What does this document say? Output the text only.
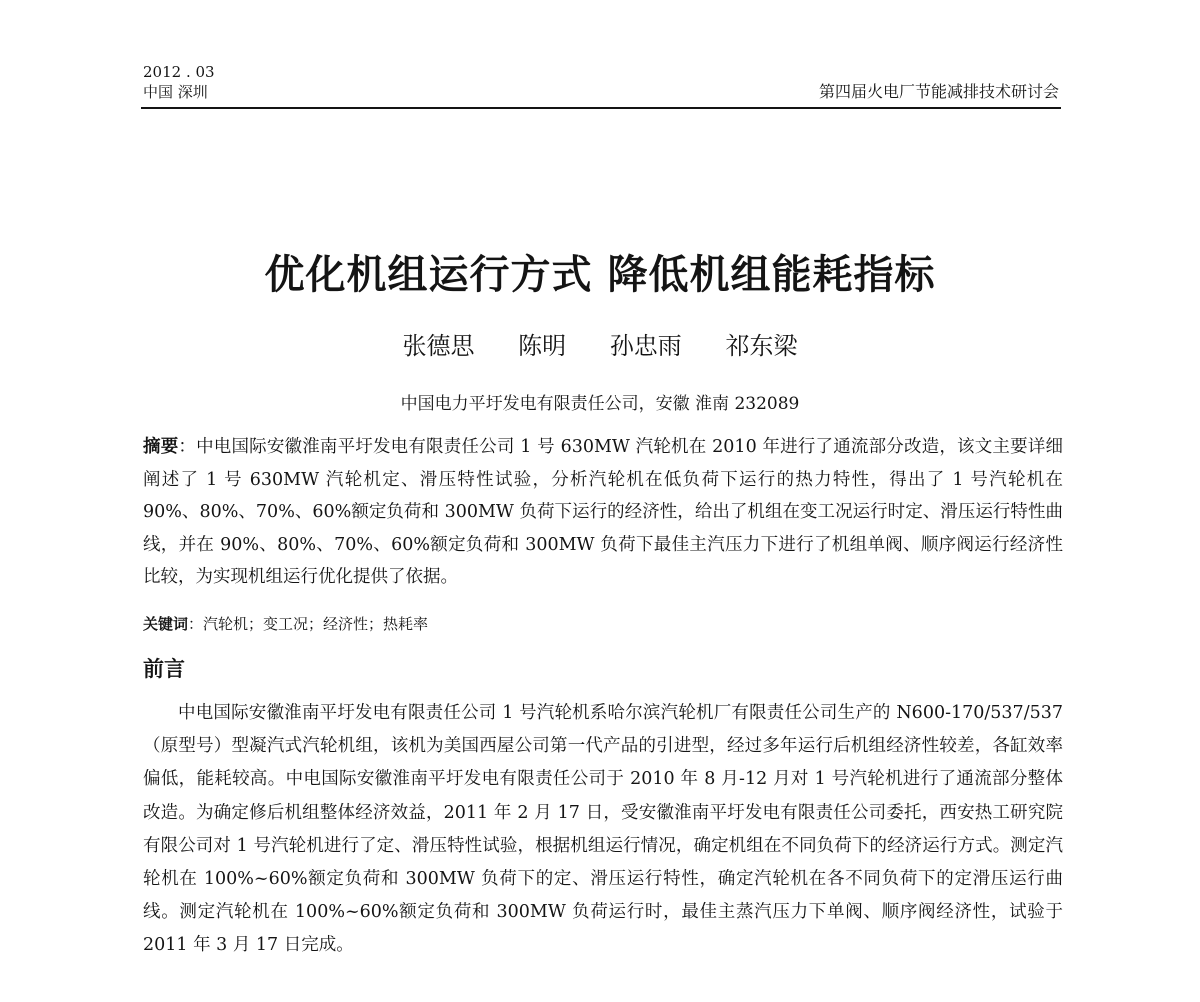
2012 . 03
中国 深圳	第四届火电厂节能减排技术研讨会
优化机组运行方式 降低机组能耗指标
张德思 陈明 孙忠雨 祁东梁
中国电力平圩发电有限责任公司，安徽 淮南 232089
摘要：中电国际安徽淮南平圩发电有限责任公司 1 号 630MW 汽轮机在 2010 年进行了通流部分改造，该文主要详细阐述了 1 号 630MW 汽轮机定、滑压特性试验，分析汽轮机在低负荷下运行的热力特性，得出了 1 号汽轮机在 90%、80%、70%、60%额定负荷和 300MW 负荷下运行的经济性，给出了机组在变工况运行时定、滑压运行特性曲线，并在 90%、80%、70%、60%额定负荷和 300MW 负荷下最佳主汽压力下进行了机组单阀、顺序阀运行经济性比较，为实现机组运行优化提供了依据。
关键词：汽轮机；变工况；经济性；热耗率
前言
中电国际安徽淮南平圩发电有限责任公司 1 号汽轮机系哈尔滨汽轮机厂有限责任公司生产的 N600-170/537/537（原型号）型凝汽式汽轮机组，该机为美国西屋公司第一代产品的引进型，经过多年运行后机组经济性较差，各缸效率偏低，能耗较高。中电国际安徽淮南平圩发电有限责任公司于 2010 年 8 月-12 月对 1 号汽轮机进行了通流部分整体改造。为确定修后机组整体经济效益，2011 年 2 月 17 日，受安徽淮南平圩发电有限责任公司委托，西安热工研究院有限公司对 1 号汽轮机进行了定、滑压特性试验，根据机组运行情况，确定机组在不同负荷下的经济运行方式。测定汽轮机在 100%~60%额定负荷和 300MW 负荷下的定、滑压运行特性，确定汽轮机在各不同负荷下的定滑压运行曲线。测定汽轮机在 100%~60%额定负荷和 300MW 负荷运行时，最佳主蒸汽压力下单阀、顺序阀经济性，试验于 2011 年 3 月 17 日完成。
